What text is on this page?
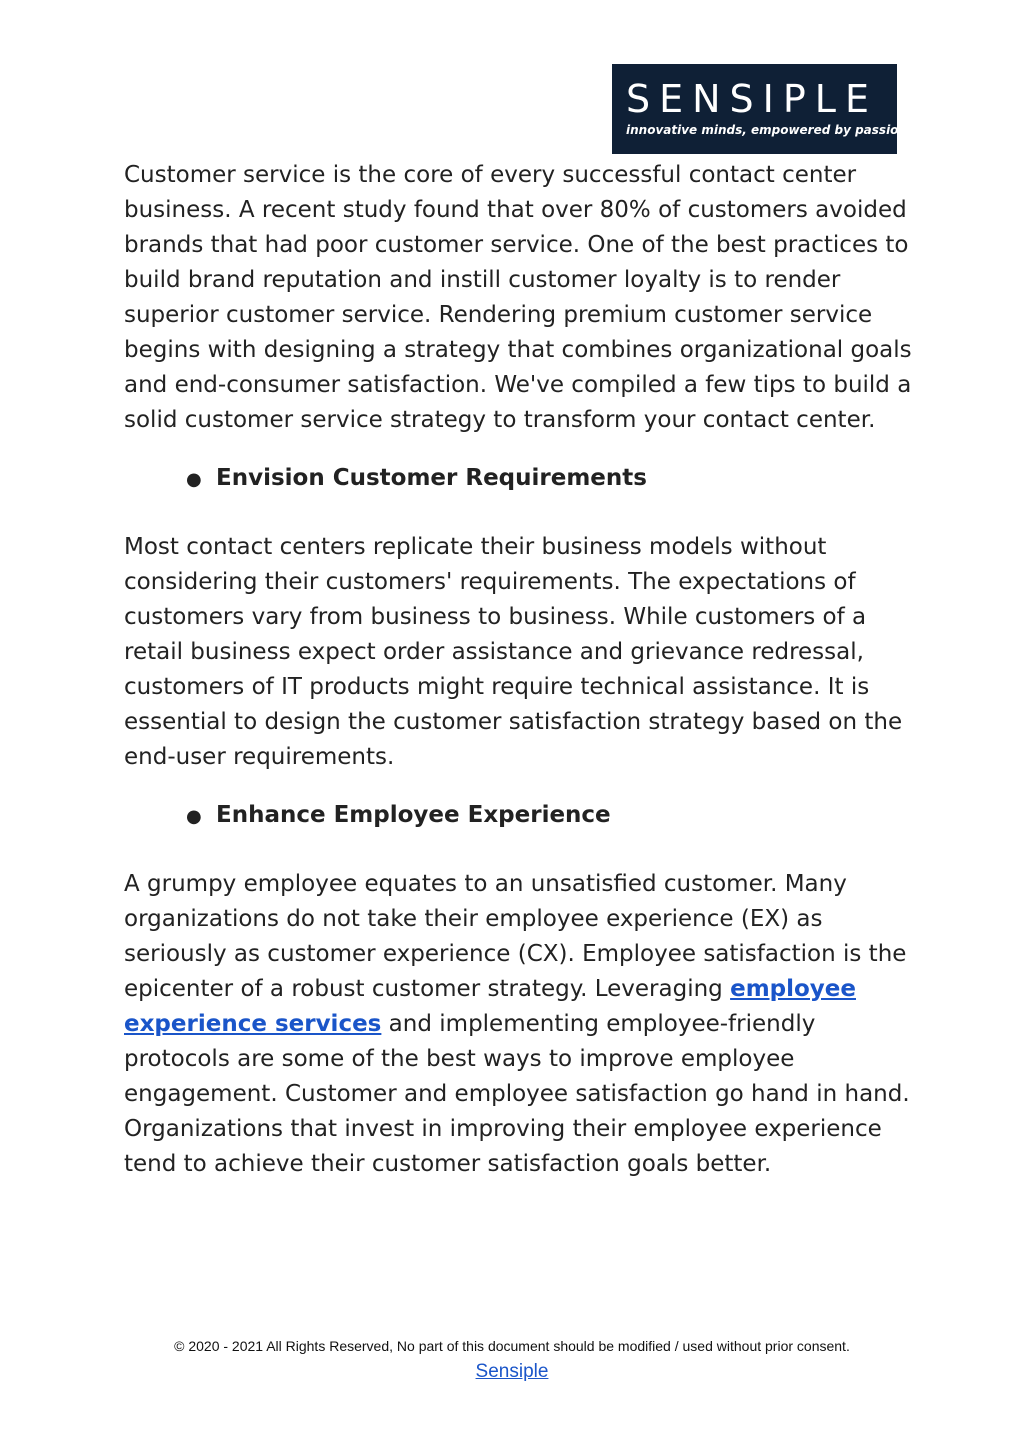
SENSIPLE
innovative minds, empowered by passion

Customer service is the core of every successful contact center business. A recent study found that over 80% of customers avoided brands that had poor customer service. One of the best practices to build brand reputation and instill customer loyalty is to render superior customer service. Rendering premium customer service begins with designing a strategy that combines organizational goals and end-consumer satisfaction. We've compiled a few tips to build a solid customer service strategy to transform your contact center.

● Envision Customer Requirements

Most contact centers replicate their business models without considering their customers' requirements. The expectations of customers vary from business to business. While customers of a retail business expect order assistance and grievance redressal, customers of IT products might require technical assistance. It is essential to design the customer satisfaction strategy based on the end-user requirements.

● Enhance Employee Experience

A grumpy employee equates to an unsatisfied customer. Many organizations do not take their employee experience (EX) as seriously as customer experience (CX). Employee satisfaction is the epicenter of a robust customer strategy. Leveraging employee experience services and implementing employee-friendly protocols are some of the best ways to improve employee engagement. Customer and employee satisfaction go hand in hand. Organizations that invest in improving their employee experience tend to achieve their customer satisfaction goals better.

© 2020 - 2021 All Rights Reserved, No part of this document should be modified / used without prior consent.
Sensiple
